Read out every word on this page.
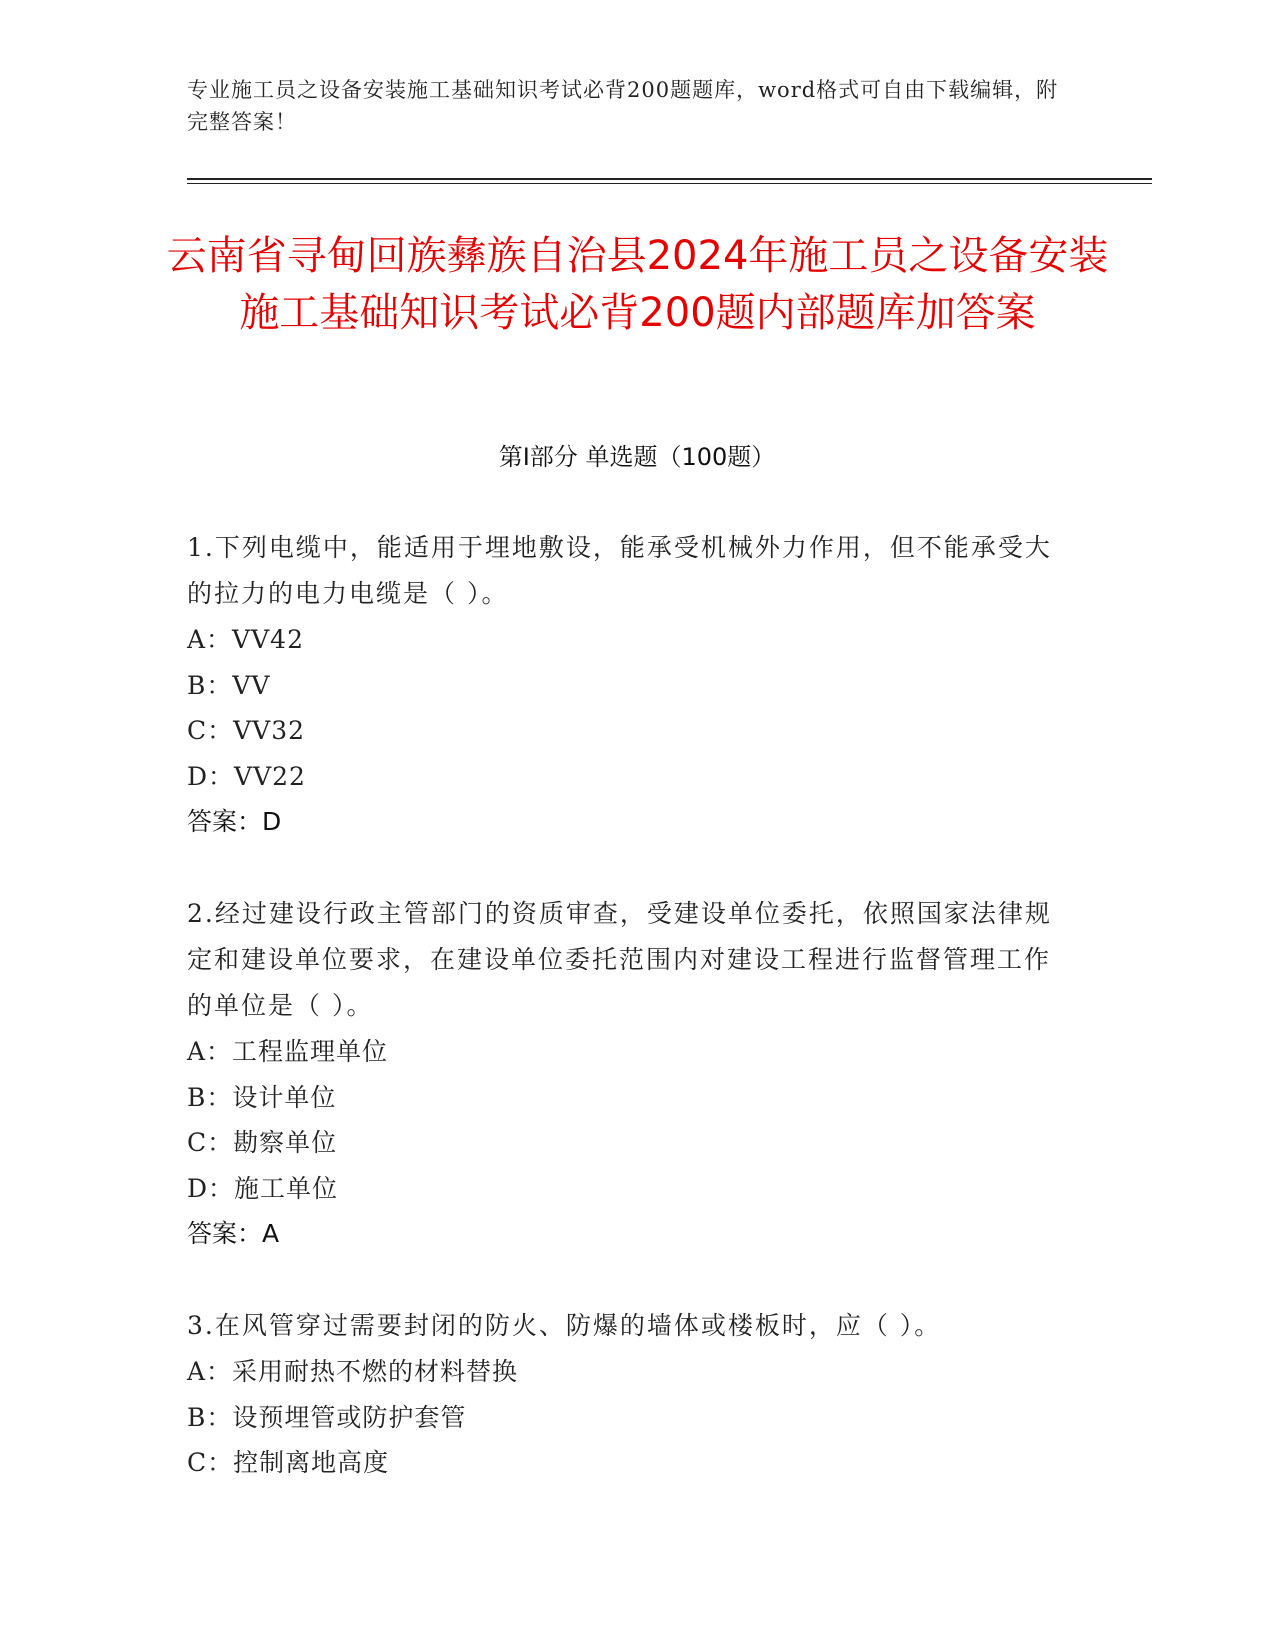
专业施工员之设备安装施工基础知识考试必背200题题库，word格式可自由下载编辑，附完整答案！
云南省寻甸回族彝族自治县2024年施工员之设备安装施工基础知识考试必背200题内部题库加答案
第Ⅰ部分 单选题（100题）
1.下列电缆中，能适用于埋地敷设，能承受机械外力作用，但不能承受大的拉力的电力电缆是（ ）。
A：VV42
B：VV
C：VV32
D：VV22
答案：D
2.经过建设行政主管部门的资质审查，受建设单位委托，依照国家法律规定和建设单位要求，在建设单位委托范围内对建设工程进行监督管理工作的单位是（ ）。
A：工程监理单位
B：设计单位
C：勘察单位
D：施工单位
答案：A
3.在风管穿过需要封闭的防火、防爆的墙体或楼板时，应（ ）。
A：采用耐热不燃的材料替换
B：设预埋管或防护套管
C：控制离地高度
